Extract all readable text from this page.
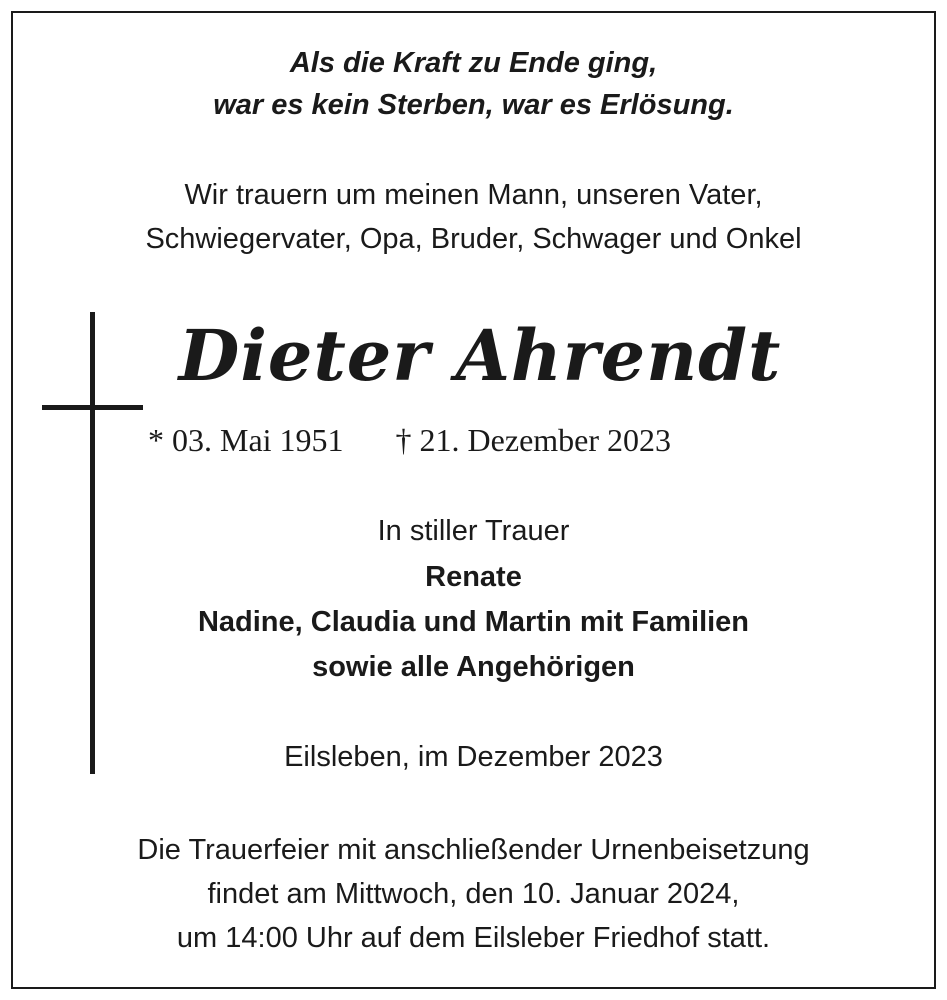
Als die Kraft zu Ende ging,
war es kein Sterben, war es Erlösung.
Wir trauern um meinen Mann, unseren Vater,
Schwiegervater, Opa, Bruder, Schwager und Onkel
Dieter Ahrendt
* 03. Mai 1951 † 21. Dezember 2023
In stiller Trauer
Renate
Nadine, Claudia und Martin mit Familien
sowie alle Angehörigen
Eilsleben, im Dezember 2023
Die Trauerfeier mit anschließender Urnenbeisetzung
findet am Mittwoch, den 10. Januar 2024,
um 14:00 Uhr auf dem Eilsleber Friedhof statt.
